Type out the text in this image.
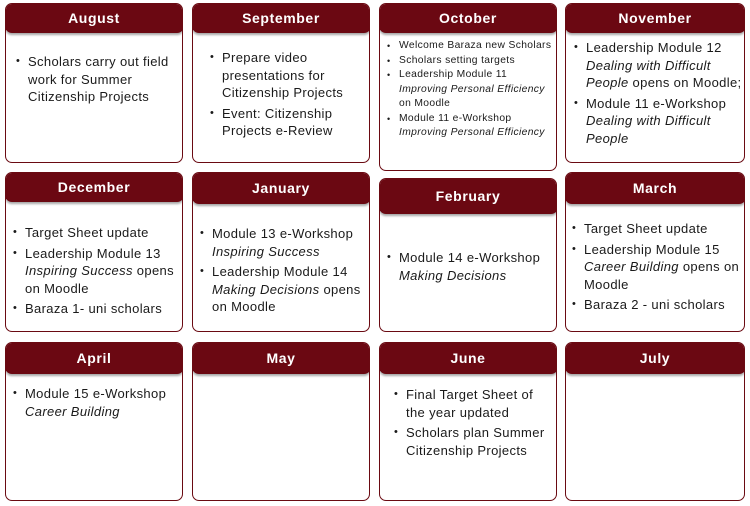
August
• Scholars carry out field work for Summer Citizenship Projects
September
• Prepare video presentations for Citizenship Projects
• Event: Citizenship Projects e-Review
October
• Welcome Baraza new Scholars
• Scholars setting targets
• Leadership Module 11 Improving Personal Efficiency on Moodle
• Module 11 e-Workshop Improving Personal Efficiency
November
• Leadership Module 12 Dealing with Difficult People opens on Moodle;
• Module 11 e-Workshop Dealing with Difficult People
December
• Target Sheet update
• Leadership Module 13 Inspiring Success opens on Moodle
• Baraza 1- uni scholars
January
• Module 13 e-Workshop Inspiring Success
• Leadership Module 14 Making Decisions opens on Moodle
February
• Module 14 e-Workshop Making Decisions
March
• Target Sheet update
• Leadership Module 15 Career Building opens on Moodle
• Baraza 2 - uni scholars
April
• Module 15 e-Workshop Career Building
May	June
• Final Target Sheet of the year updated
• Scholars plan Summer Citizenship Projects
July
